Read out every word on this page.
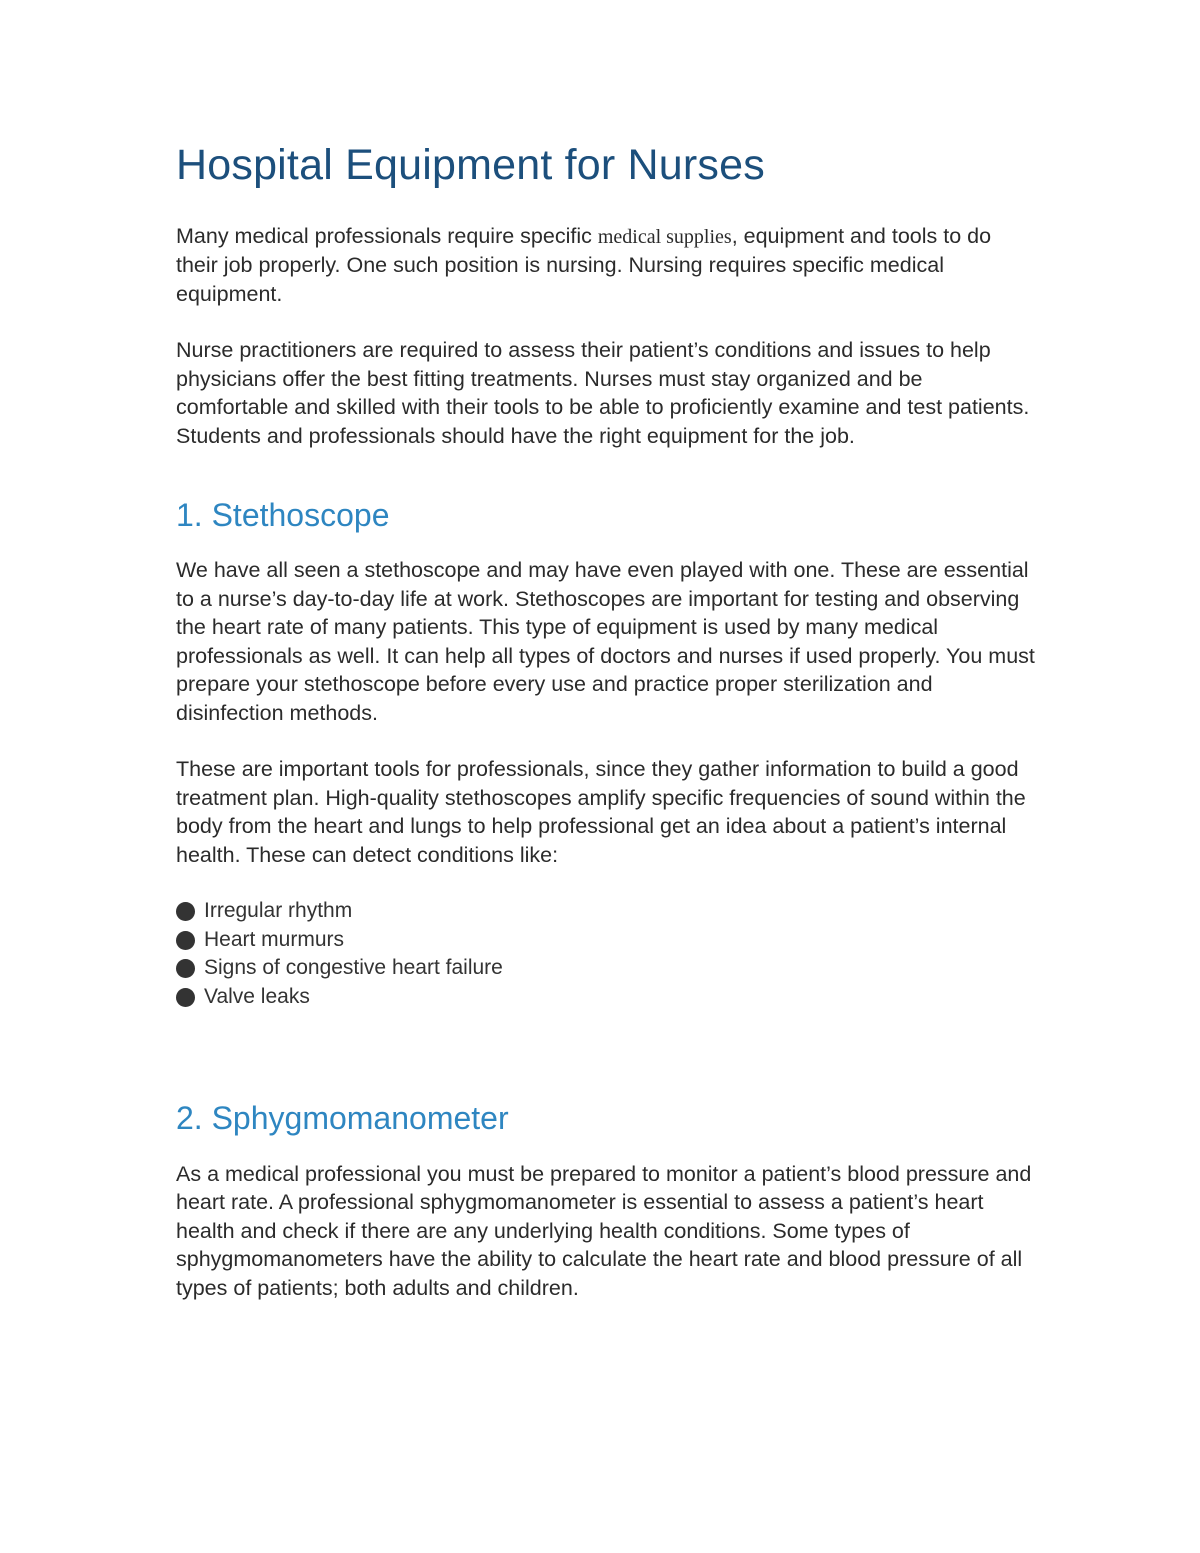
Hospital Equipment for Nurses

Many medical professionals require specific medical supplies, equipment and tools to do their job properly. One such position is nursing. Nursing requires specific medical equipment.

Nurse practitioners are required to assess their patient’s conditions and issues to help physicians offer the best fitting treatments. Nurses must stay organized and be comfortable and skilled with their tools to be able to proficiently examine and test patients. Students and professionals should have the right equipment for the job.

1. Stethoscope

We have all seen a stethoscope and may have even played with one. These are essential to a nurse’s day-to-day life at work. Stethoscopes are important for testing and observing the heart rate of many patients. This type of equipment is used by many medical professionals as well. It can help all types of doctors and nurses if used properly. You must prepare your stethoscope before every use and practice proper sterilization and disinfection methods.

These are important tools for professionals, since they gather information to build a good treatment plan. High-quality stethoscopes amplify specific frequencies of sound within the body from the heart and lungs to help professional get an idea about a patient’s internal health. These can detect conditions like:

Irregular rhythm
Heart murmurs
Signs of congestive heart failure
Valve leaks
2. Sphygmomanometer

As a medical professional you must be prepared to monitor a patient’s blood pressure and heart rate. A professional sphygmomanometer is essential to assess a patient’s heart health and check if there are any underlying health conditions. Some types of sphygmomanometers have the ability to calculate the heart rate and blood pressure of all types of patients; both adults and children.
